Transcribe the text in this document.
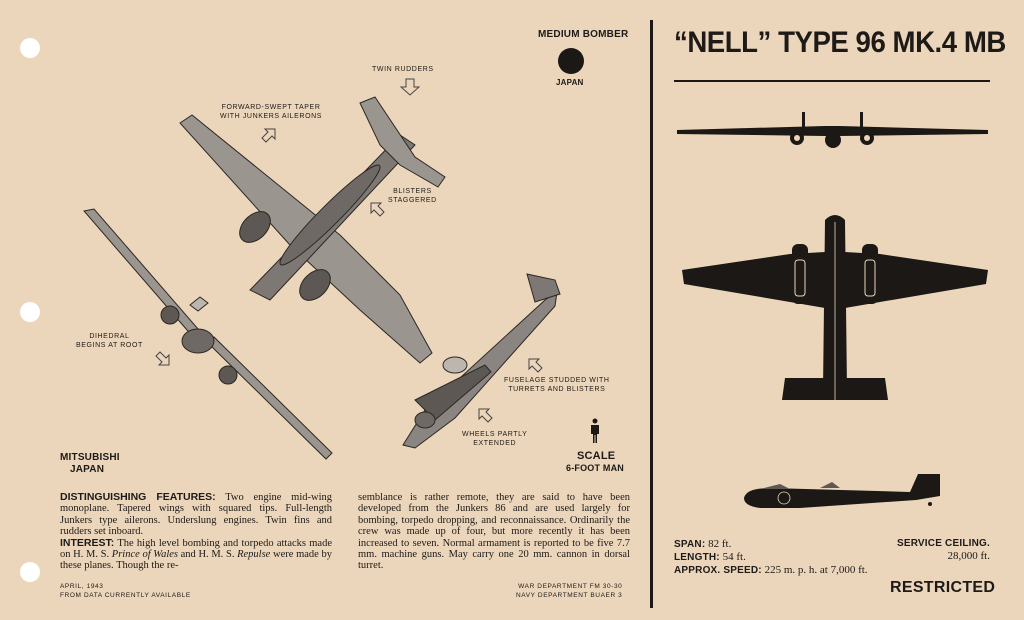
MEDIUM BOMBER
JAPAN
“NELL” TYPE 96 MK.4 MB
TWIN RUDDERS
FORWARD-SWEPT TAPER
WITH JUNKERS AILERONS
BLISTERS
STAGGERED
DIHEDRAL
BEGINS AT ROOT
FUSELAGE STUDDED WITH
TURRETS AND BLISTERS
WHEELS PARTLY
EXTENDED
MITSUBISHI
JAPAN
SCALE
6-FOOT MAN
DISTINGUISHING FEATURES: Two engine mid-wing monoplane. Tapered wings with squared tips. Full-length Junkers type ailerons. Underslung engines. Twin fins and rudders set inboard.
INTEREST: The high level bombing and torpedo attacks made on H. M. S. Prince of Wales and H. M. S. Repulse were made by these planes. Though the re-
semblance is rather remote, they are said to have been developed from the Junkers 86 and are used largely for bombing, torpedo dropping, and reconnaissance. Ordinarily the crew was made up of four, but more recently it has been increased to seven. Normal armament is reported to be five 7.7 mm. machine guns. May carry one 20 mm. cannon in dorsal turret.
APRIL, 1943
FROM DATA CURRENTLY AVAILABLE
WAR DEPARTMENT FM 30-30
NAVY DEPARTMENT BUAER 3
SPAN: 82 ft.
LENGTH: 54 ft.
APPROX. SPEED: 225 m. p. h. at 7,000 ft.
SERVICE CEILING.
28,000 ft.
RESTRICTED
